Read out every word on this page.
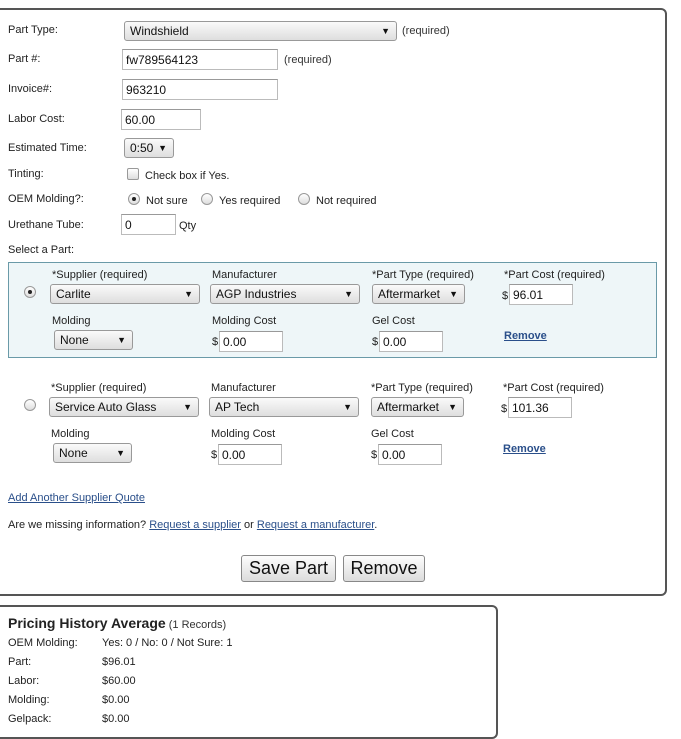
Part Type:	Windshield	▼ (required)
Part #:	fw789564123	(required)
Invoice#:	963210
Labor Cost:	60.00
Estimated Time:	0:50 ▼
Tinting:	Check box if Yes.
OEM Molding?:	Not sure	Yes required	Not required
Urethane Tube:	0	Qty
Select a Part:
*Supplier (required)	Manufacturer	*Part Type (required)	*Part Cost (required)
Carlite	▼	AGP Industries	▼	Aftermarket ▼	$ 96.01
Molding	Molding Cost	Gel Cost
None	▼	$ 0.00	$ 0.00	Remove
*Supplier (required)	Manufacturer	*Part Type (required)	*Part Cost (required)
Service Auto Glass	▼	AP Tech	▼	Aftermarket ▼	$ 101.36
Molding	Molding Cost	Gel Cost
None	▼	$ 0.00	$ 0.00	Remove
Add Another Supplier Quote
Are we missing information? Request a supplier or Request a manufacturer.
Save Part	Remove
Pricing History Average (1 Records)
OEM Molding: Yes: 0 / No: 0 / Not Sure: 1
Part:	$96.01
Labor:	$60.00
Molding:	$0.00
Gelpack:	$0.00
